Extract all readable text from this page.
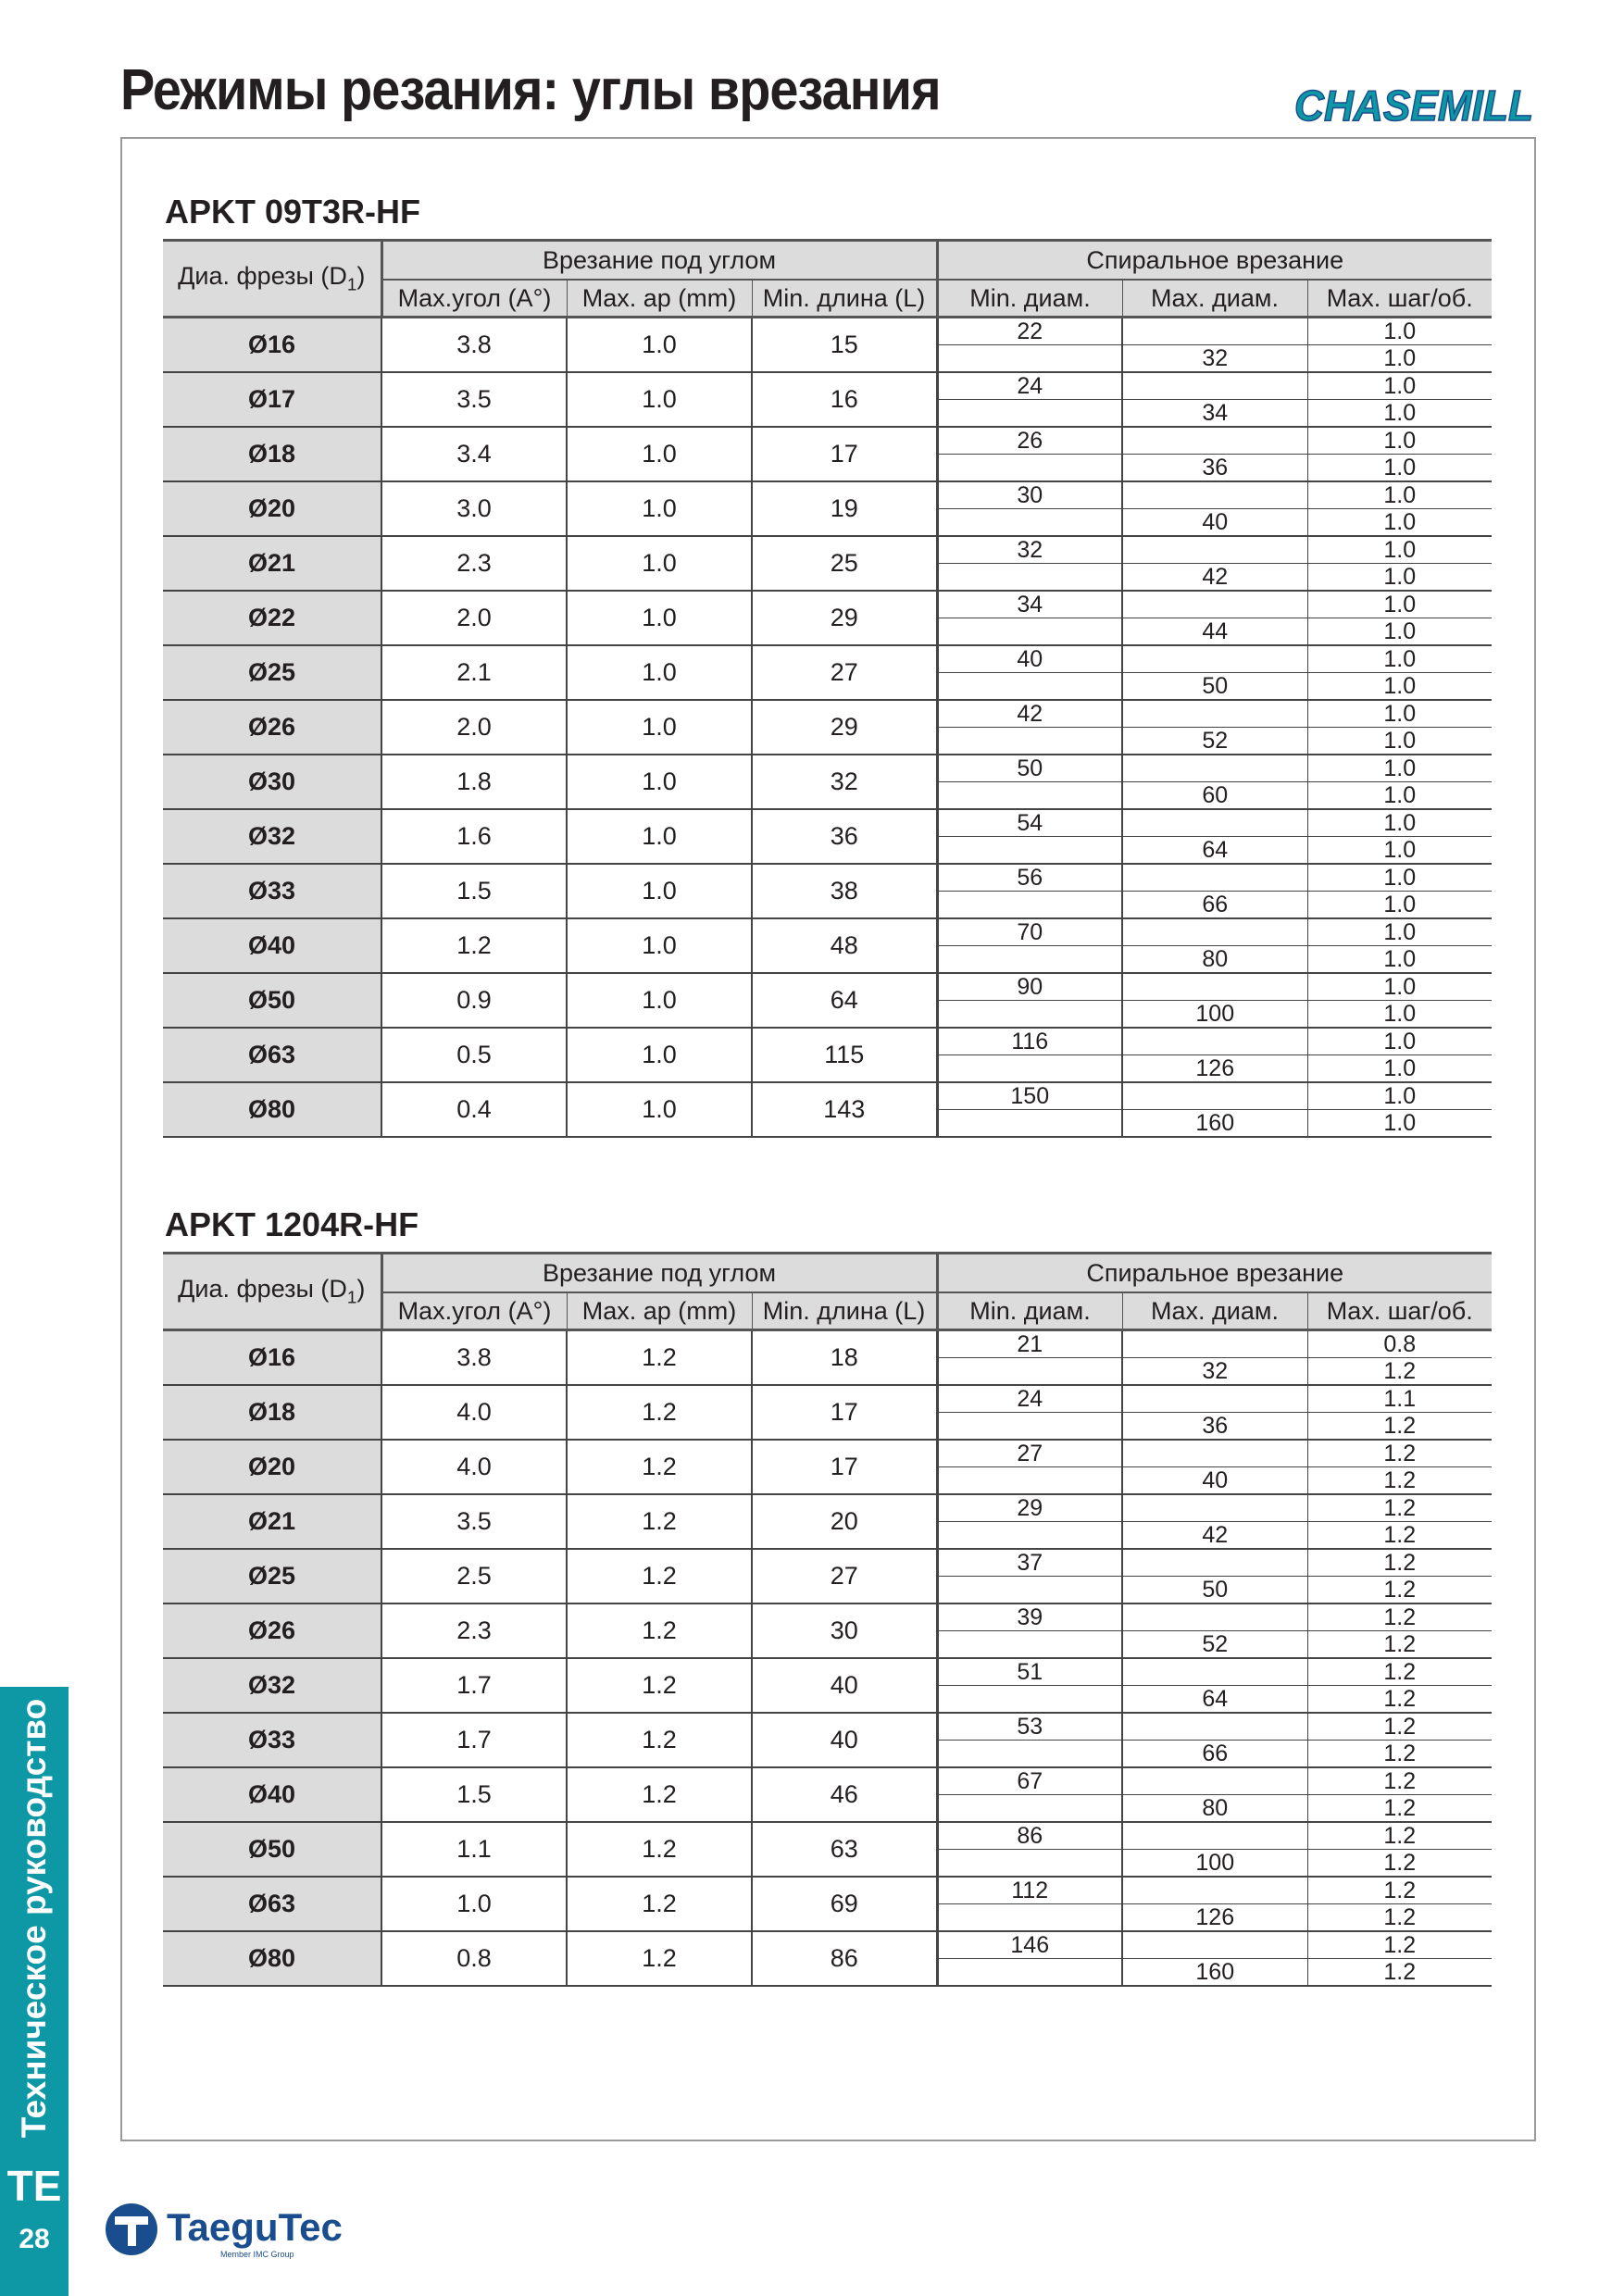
Режимы резания: углы врезания	CHASEMILL
APKT 09T3R-HF
Диа. фрезы $(D_1)$	Врезание под углом			Спиральное врезание		
	Max.угол (A°)	Max. ap (mm)	Min. длина (L)	Min. диам.	Max. диам.	Max. шаг/об.
Ø16	3.8	1.0	15	22		1.0
					32	1.0
Ø17	3.5	1.0	16	24		1.0
					34	1.0
Ø18	3.4	1.0	17	26		1.0
					36	1.0
Ø20	3.0	1.0	19	30		1.0
					40	1.0
Ø21	2.3	1.0	25	32		1.0
					42	1.0
Ø22	2.0	1.0	29	34		1.0
					44	1.0
Ø25	2.1	1.0	27	40		1.0
					50	1.0
Ø26	2.0	1.0	29	42		1.0
					52	1.0
Ø30	1.8	1.0	32	50		1.0
					60	1.0
Ø32	1.6	1.0	36	54		1.0
					64	1.0
Ø33	1.5	1.0	38	56		1.0
					66	1.0
Ø40	1.2	1.0	48	70		1.0
					80	1.0
Ø50	0.9	1.0	64	90		1.0
					100	1.0
Ø63	0.5	1.0	115	116		1.0
					126	1.0
Ø80	0.4	1.0	143	150		1.0
					160	1.0
APKT 1204R-HF
Диа. фрезы $(D_1)$	Врезание под углом			Спиральное врезание		
	Max.угол (A°)	Max. ap (mm)	Min. длина (L)	Min. диам.	Max. диам.	Max. шаг/об.
Ø16	3.8	1.2	18	21		0.8
					32	1.2
Ø18	4.0	1.2	17	24		1.1
					36	1.2
Ø20	4.0	1.2	17	27		1.2
					40	1.2
Ø21	3.5	1.2	20	29		1.2
					42	1.2
Ø25	2.5	1.2	27	37		1.2
					50	1.2
Ø26	2.3	1.2	30	39		1.2
					52	1.2
Ø32	1.7	1.2	40	51		1.2
					64	1.2
Ø33	1.7	1.2	40	53		1.2
					66	1.2
Ø40	1.5	1.2	46	67		1.2
					80	1.2
Ø50	1.1	1.2	63	86		1.2
					100	1.2
Ø63	1.0	1.2	69	112		1.2
					126	1.2
Ø80	0.8	1.2	86	146		1.2
					160	1.2
Техническое руководство
TE
28	TaeguTec
Member IMC Group
